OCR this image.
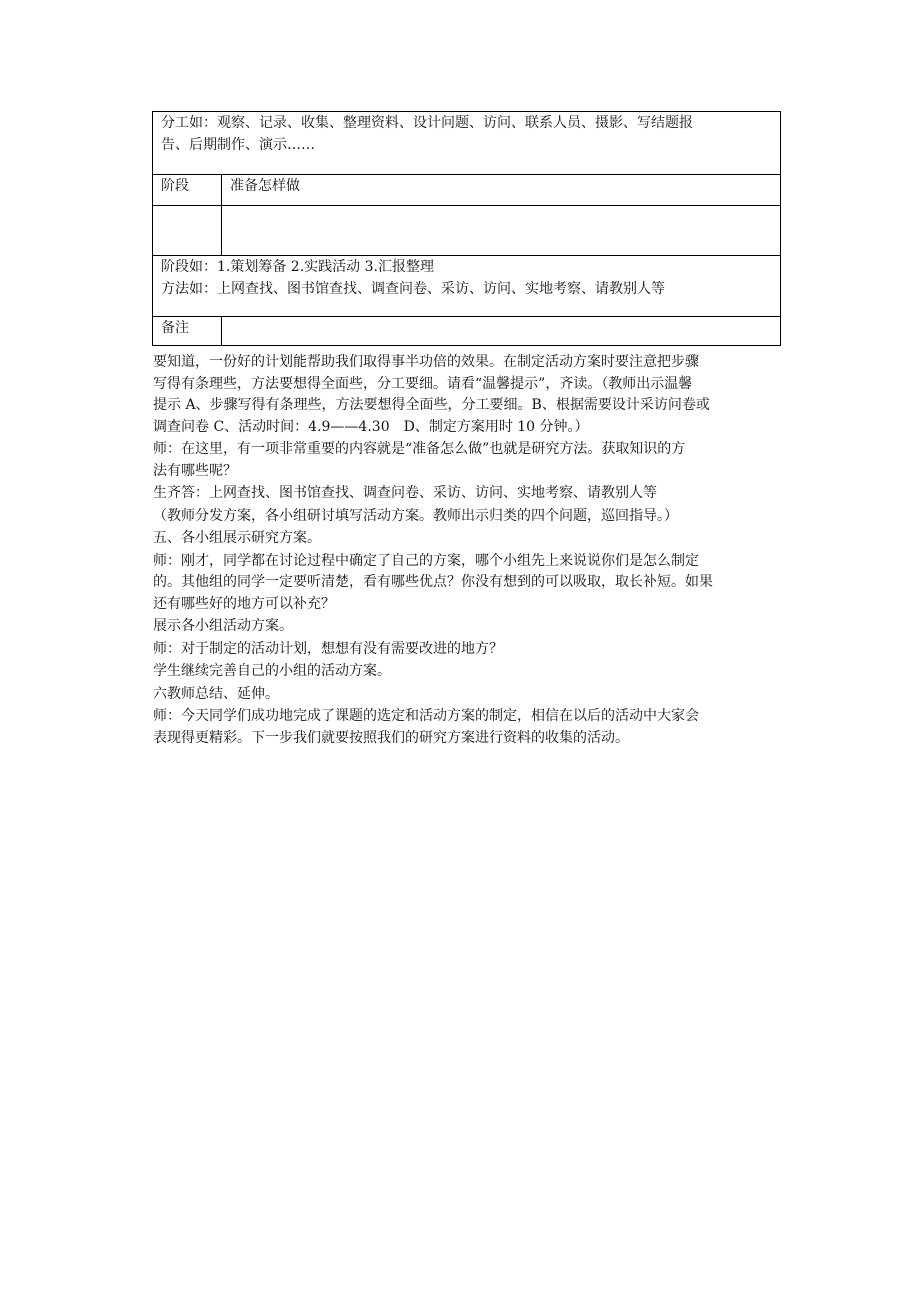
分工如：观察、记录、收集、整理资料、设计问题、访问、联系人员、摄影、写结题报
告、后期制作、演示……	

阶段	准备怎样做

阶段如：1.策划筹备 2.实践活动 3.汇报整理
方法如：上网查找、图书馆查找、调查问卷、采访、访问、实地考察、请教别人等	

备注	

要知道，一份好的计划能帮助我们取得事半功倍的效果。在制定活动方案时要注意把步骤
写得有条理些，方法要想得全面些，分工要细。请看“温馨提示”，齐读。（教师出示温馨
提示 A、步骤写得有条理些，方法要想得全面些，分工要细。B、根据需要设计采访问卷或
调查问卷 C、活动时间：4.9——4.30　D、制定方案用时 10 分钟。）

师：在这里，有一项非常重要的内容就是“准备怎么做”也就是研究方法。获取知识的方
法有哪些呢？

生齐答：上网查找、图书馆查找、调查问卷、采访、访问、实地考察、请教别人等

（教师分发方案，各小组研讨填写活动方案。教师出示归类的四个问题，巡回指导。）

五、各小组展示研究方案。

师：刚才，同学都在讨论过程中确定了自己的方案，哪个小组先上来说说你们是怎么制定
的。其他组的同学一定要听清楚，看有哪些优点？你没有想到的可以吸取，取长补短。如果
还有哪些好的地方可以补充？

展示各小组活动方案。

师：对于制定的活动计划，想想有没有需要改进的地方？

学生继续完善自己的小组的活动方案。

六教师总结、延伸。

师：今天同学们成功地完成了课题的选定和活动方案的制定，相信在以后的活动中大家会
表现得更精彩。下一步我们就要按照我们的研究方案进行资料的收集的活动。
